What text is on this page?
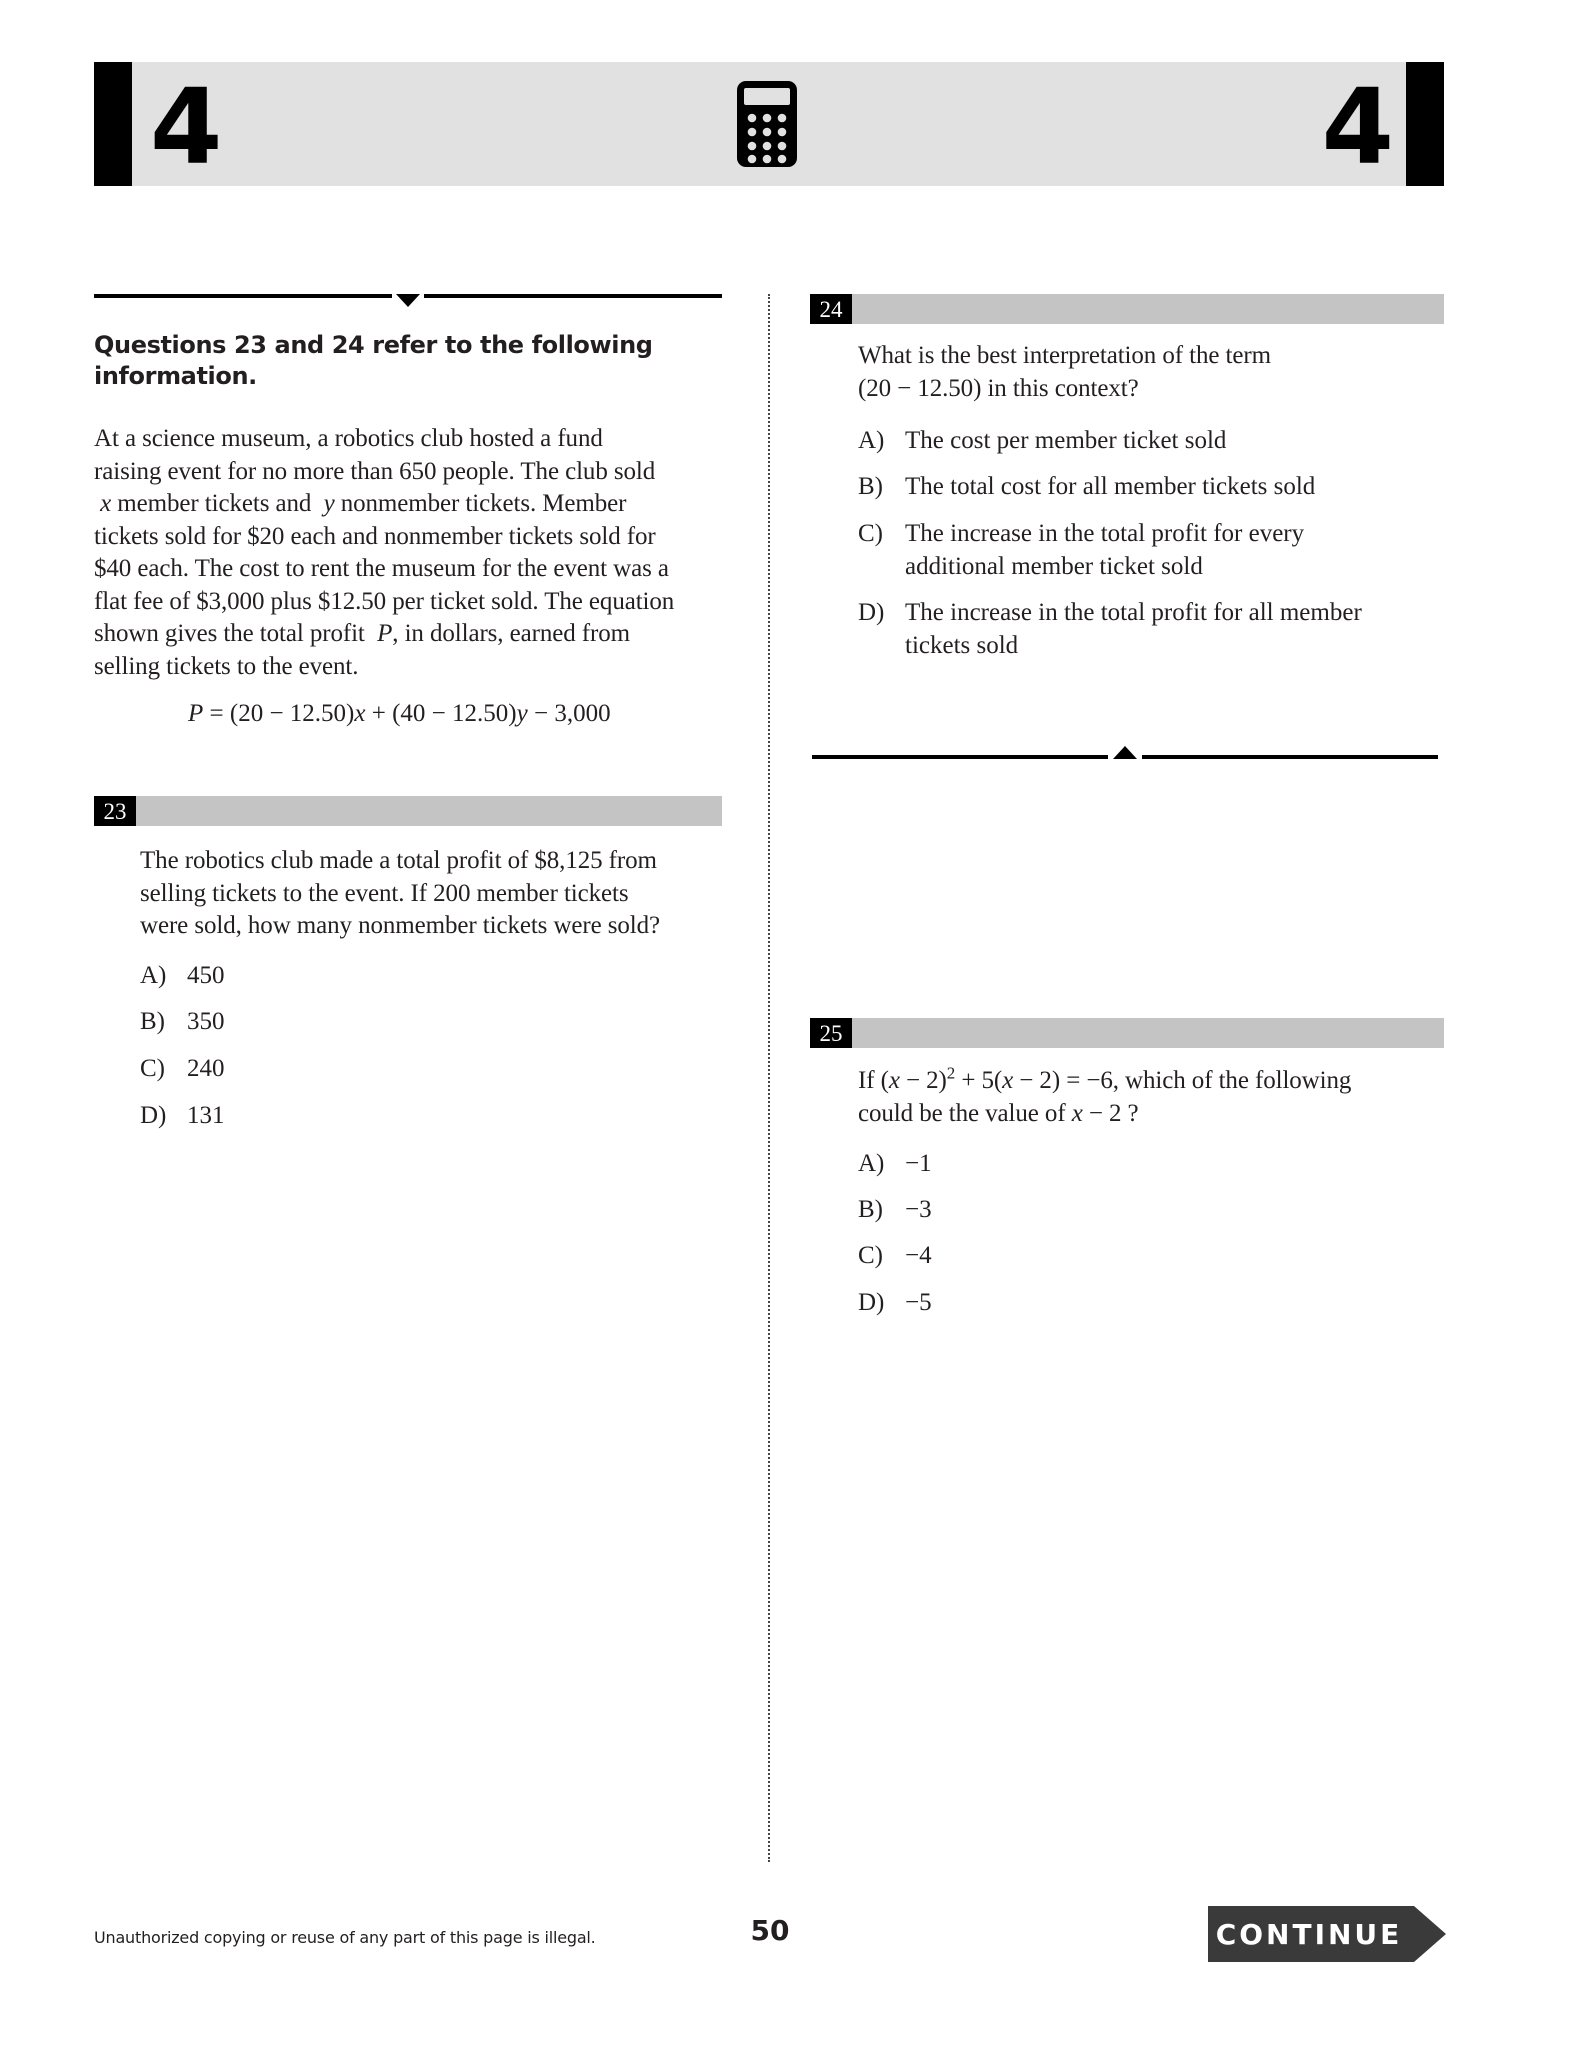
4	4
Questions 23 and 24 refer to the following
information.
At a science museum, a robotics club hosted a fund
raising event for no more than 650 people. The club sold
x member tickets and  y nonmember tickets. Member
tickets sold for $20 each and nonmember tickets sold for
$40 each. The cost to rent the museum for the event was a
flat fee of $3,000 plus $12.50 per ticket sold. The equation
shown gives the total profit  P, in dollars, earned from
selling tickets to the event.
P = (20 − 12.50)x + (40 − 12.50)y − 3,000
23
The robotics club made a total profit of $8,125 from
selling tickets to the event. If 200 member tickets
were sold, how many nonmember tickets were sold?
A) 450
B) 350
C) 240
D) 131
24
What is the best interpretation of the term
(20 − 12.50) in this context?
A) The cost per member ticket sold
B) The total cost for all member tickets sold
C) The increase in the total profit for every
additional member ticket sold
D) The increase in the total profit for all member
tickets sold
25
If $(x - 2)^2 + 5(x - 2) = -6$, which of the following
could be the value of x − 2 ?
A) −1
B) −3
C) −4
D) −5
Unauthorized copying or reuse of any part of this page is illegal.	50	CONTINUE
